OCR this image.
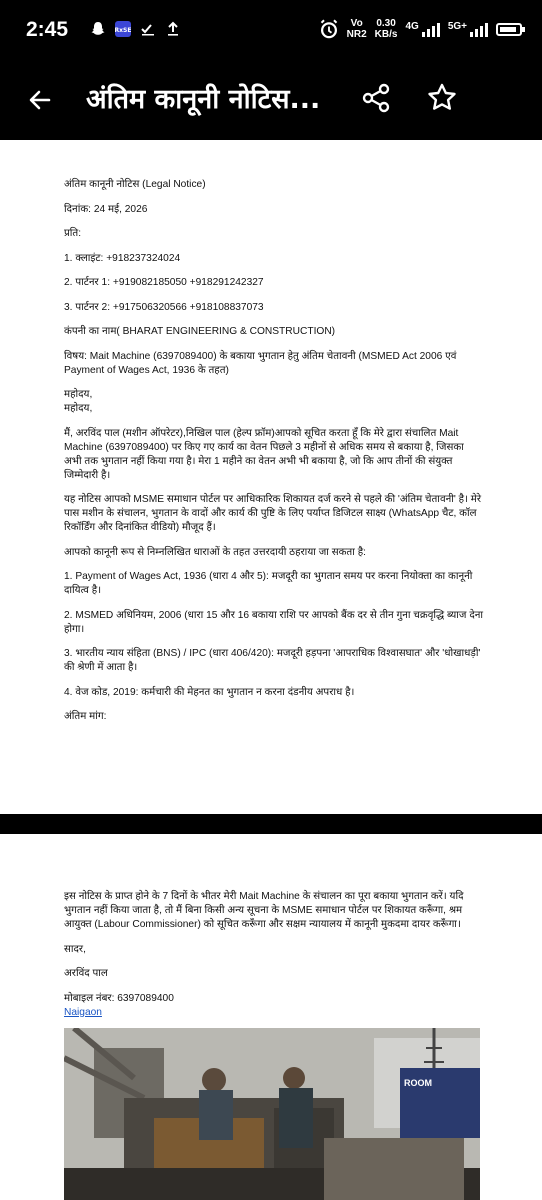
2:45	RxSE
Vo
NR2
0.30
KB/s
4G	5G+
अंतिम कानूनी नोटिस...
अंतिम कानूनी नोटिस (Legal Notice)
दिनांक: 24 मई, 2026
प्रति:
1. क्लाइंट: +918237324024
2. पार्टनर 1: +919082185050 +918291242327
3. पार्टनर 2: +917506320566 +918108837073
कंपनी का नाम( BHARAT ENGINEERING & CONSTRUCTION)
विषय: Mait Machine (6397089400) के बकाया भुगतान हेतु अंतिम चेतावनी (MSMED Act 2006 एवं Payment of Wages Act, 1936 के तहत)
महोदय,
महोदय,
मैं, अरविंद पाल (मशीन ऑपरेटर),निखिल पाल (हेल्प फ्रॉम)आपको सूचित करता हूँ कि मेरे द्वारा संचालित Mait Machine (6397089400) पर किए गए कार्य का वेतन पिछले 3 महीनों से अधिक समय से बकाया है, जिसका अभी तक भुगतान नहीं किया गया है। मेरा 1 महीने का वेतन अभी भी बकाया है, जो कि आप तीनों की संयुक्त जिम्मेदारी है।
यह नोटिस आपको MSME समाधान पोर्टल पर आधिकारिक शिकायत दर्ज करने से पहले की 'अंतिम चेतावनी' है। मेरे पास मशीन के संचालन, भुगतान के वादों और कार्य की पुष्टि के लिए पर्याप्त डिजिटल साक्ष्य (WhatsApp चैट, कॉल रिकॉर्डिंग और दिनांकित वीडियो) मौजूद हैं।
आपको कानूनी रूप से निम्नलिखित धाराओं के तहत उत्तरदायी ठहराया जा सकता है:
1. Payment of Wages Act, 1936 (धारा 4 और 5): मजदूरी का भुगतान समय पर करना नियोक्ता का कानूनी दायित्व है।
2. MSMED अधिनियम, 2006 (धारा 15 और 16 बकाया राशि पर आपको बैंक दर से तीन गुना चक्रवृद्धि ब्याज देना होगा।
3. भारतीय न्याय संहिता (BNS) / IPC (धारा 406/420): मजदूरी हड़पना 'आपराधिक विश्वासघात' और 'धोखाधड़ी' की श्रेणी में आता है।
4. वेज कोड, 2019: कर्मचारी की मेहनत का भुगतान न करना दंडनीय अपराध है।
अंतिम मांग:
इस नोटिस के प्राप्त होने के 7 दिनों के भीतर मेरी Mait Machine के संचालन का पूरा बकाया भुगतान करें। यदि भुगतान नहीं किया जाता है, तो मैं बिना किसी अन्य सूचना के MSME समाधान पोर्टल पर शिकायत करूँगा, श्रम आयुक्त (Labour Commissioner) को सूचित करूँगा और सक्षम न्यायालय में कानूनी मुकदमा दायर करूँगा।
सादर,
अरविंद पाल
मोबाइल नंबर: 6397089400
Naigaon
ROOM
